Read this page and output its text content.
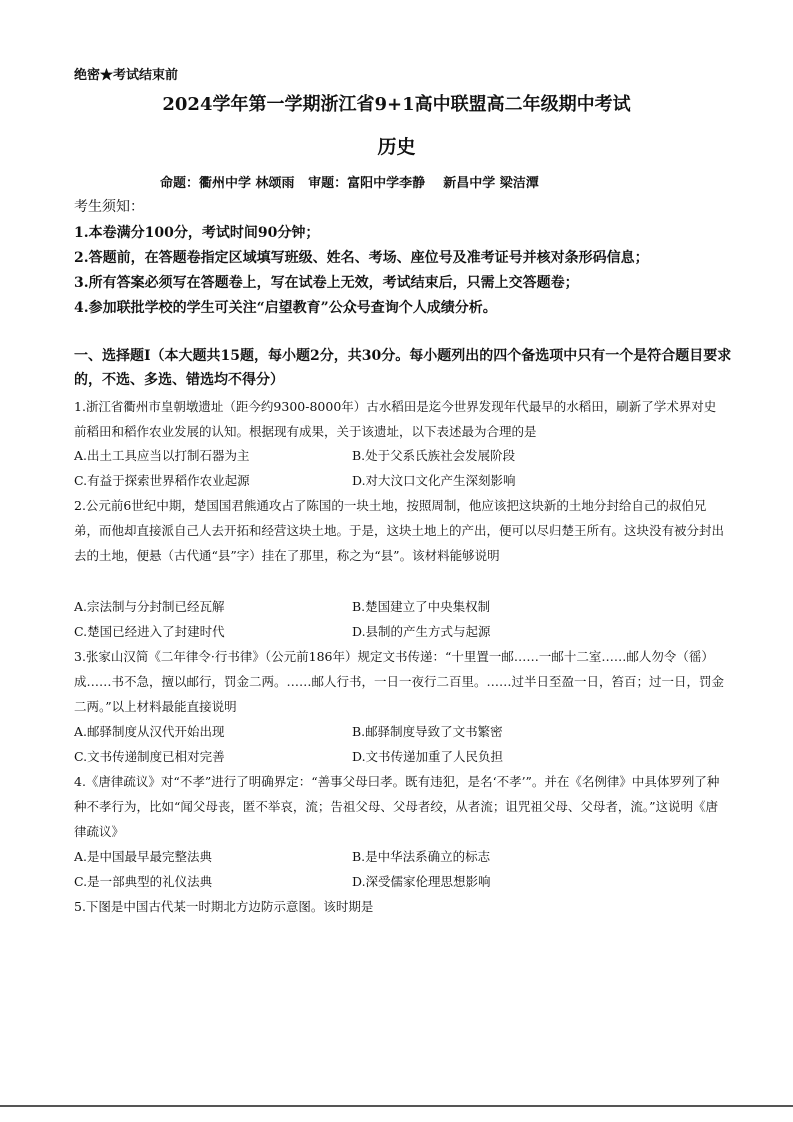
绝密★考试结束前
2024学年第一学期浙江省9+1高中联盟高二年级期中考试
历史
命题：衢州中学 林颂雨   审题：富阳中学李静    新昌中学 梁洁潭
考生须知：
1.本卷满分100分，考试时间90分钟；
2.答题前，在答题卷指定区域填写班级、姓名、考场、座位号及准考证号并核对条形码信息；
3.所有答案必须写在答题卷上，写在试卷上无效，考试结束后，只需上交答题卷；
4.参加联批学校的学生可关注“启望教育”公众号查询个人成绩分析。
一、选择题Ⅰ（本大题共15题，每小题2分，共30分。每小题列出的四个备选项中只有一个是符合题目要求的，不选、多选、错选均不得分）
1.浙江省衢州市皇朝墩遗址（距今约9300-8000年）古水稻田是迄今世界发现年代最早的水稻田，刷新了学术界对史前稻田和稻作农业发展的认知。根据现有成果，关于该遗址，以下表述最为合理的是
A.出土工具应当以打制石器为主	B.处于父系氏族社会发展阶段
C.有益于探索世界稻作农业起源	D.对大汶口文化产生深刻影响
2.公元前6世纪中期，楚国国君熊通攻占了陈国的一块土地，按照周制，他应该把这块新的土地分封给自己的叔伯兄弟，而他却直接派自己人去开拓和经营这块土地。于是，这块土地上的产出，便可以尽归楚王所有。这块没有被分封出去的土地，便悬（古代通“县”字）挂在了那里，称之为“县”。该材料能够说明
A.宗法制与分封制已经瓦解	B.楚国建立了中央集权制
C.楚国已经进入了封建时代	D.县制的产生方式与起源
3.张家山汉简《二年律令·行书律》（公元前186年）规定文书传递：“十里置一邮……一邮十二室……邮人勿令（徭）成……书不急，擅以邮行，罚金二两。……邮人行书，一日一夜行二百里。……过半日至盈一日，笞百；过一日，罚金二两。”以上材料最能直接说明
A.邮驿制度从汉代开始出现	B.邮驿制度导致了文书繁密
C.文书传递制度已相对完善	D.文书传递加重了人民负担
4.《唐律疏议》对“不孝”进行了明确界定：“善事父母曰孝。既有违犯，是名‘不孝’”。并在《名例律》中具体罗列了种种不孝行为，比如“闻父母丧，匿不举哀，流；告祖父母、父母者绞，从者流；诅咒祖父母、父母者，流。”这说明《唐律疏议》
A.是中国最早最完整法典	B.是中华法系确立的标志
C.是一部典型的礼仪法典	D.深受儒家伦理思想影响
5.下图是中国古代某一时期北方边防示意图。该时期是
